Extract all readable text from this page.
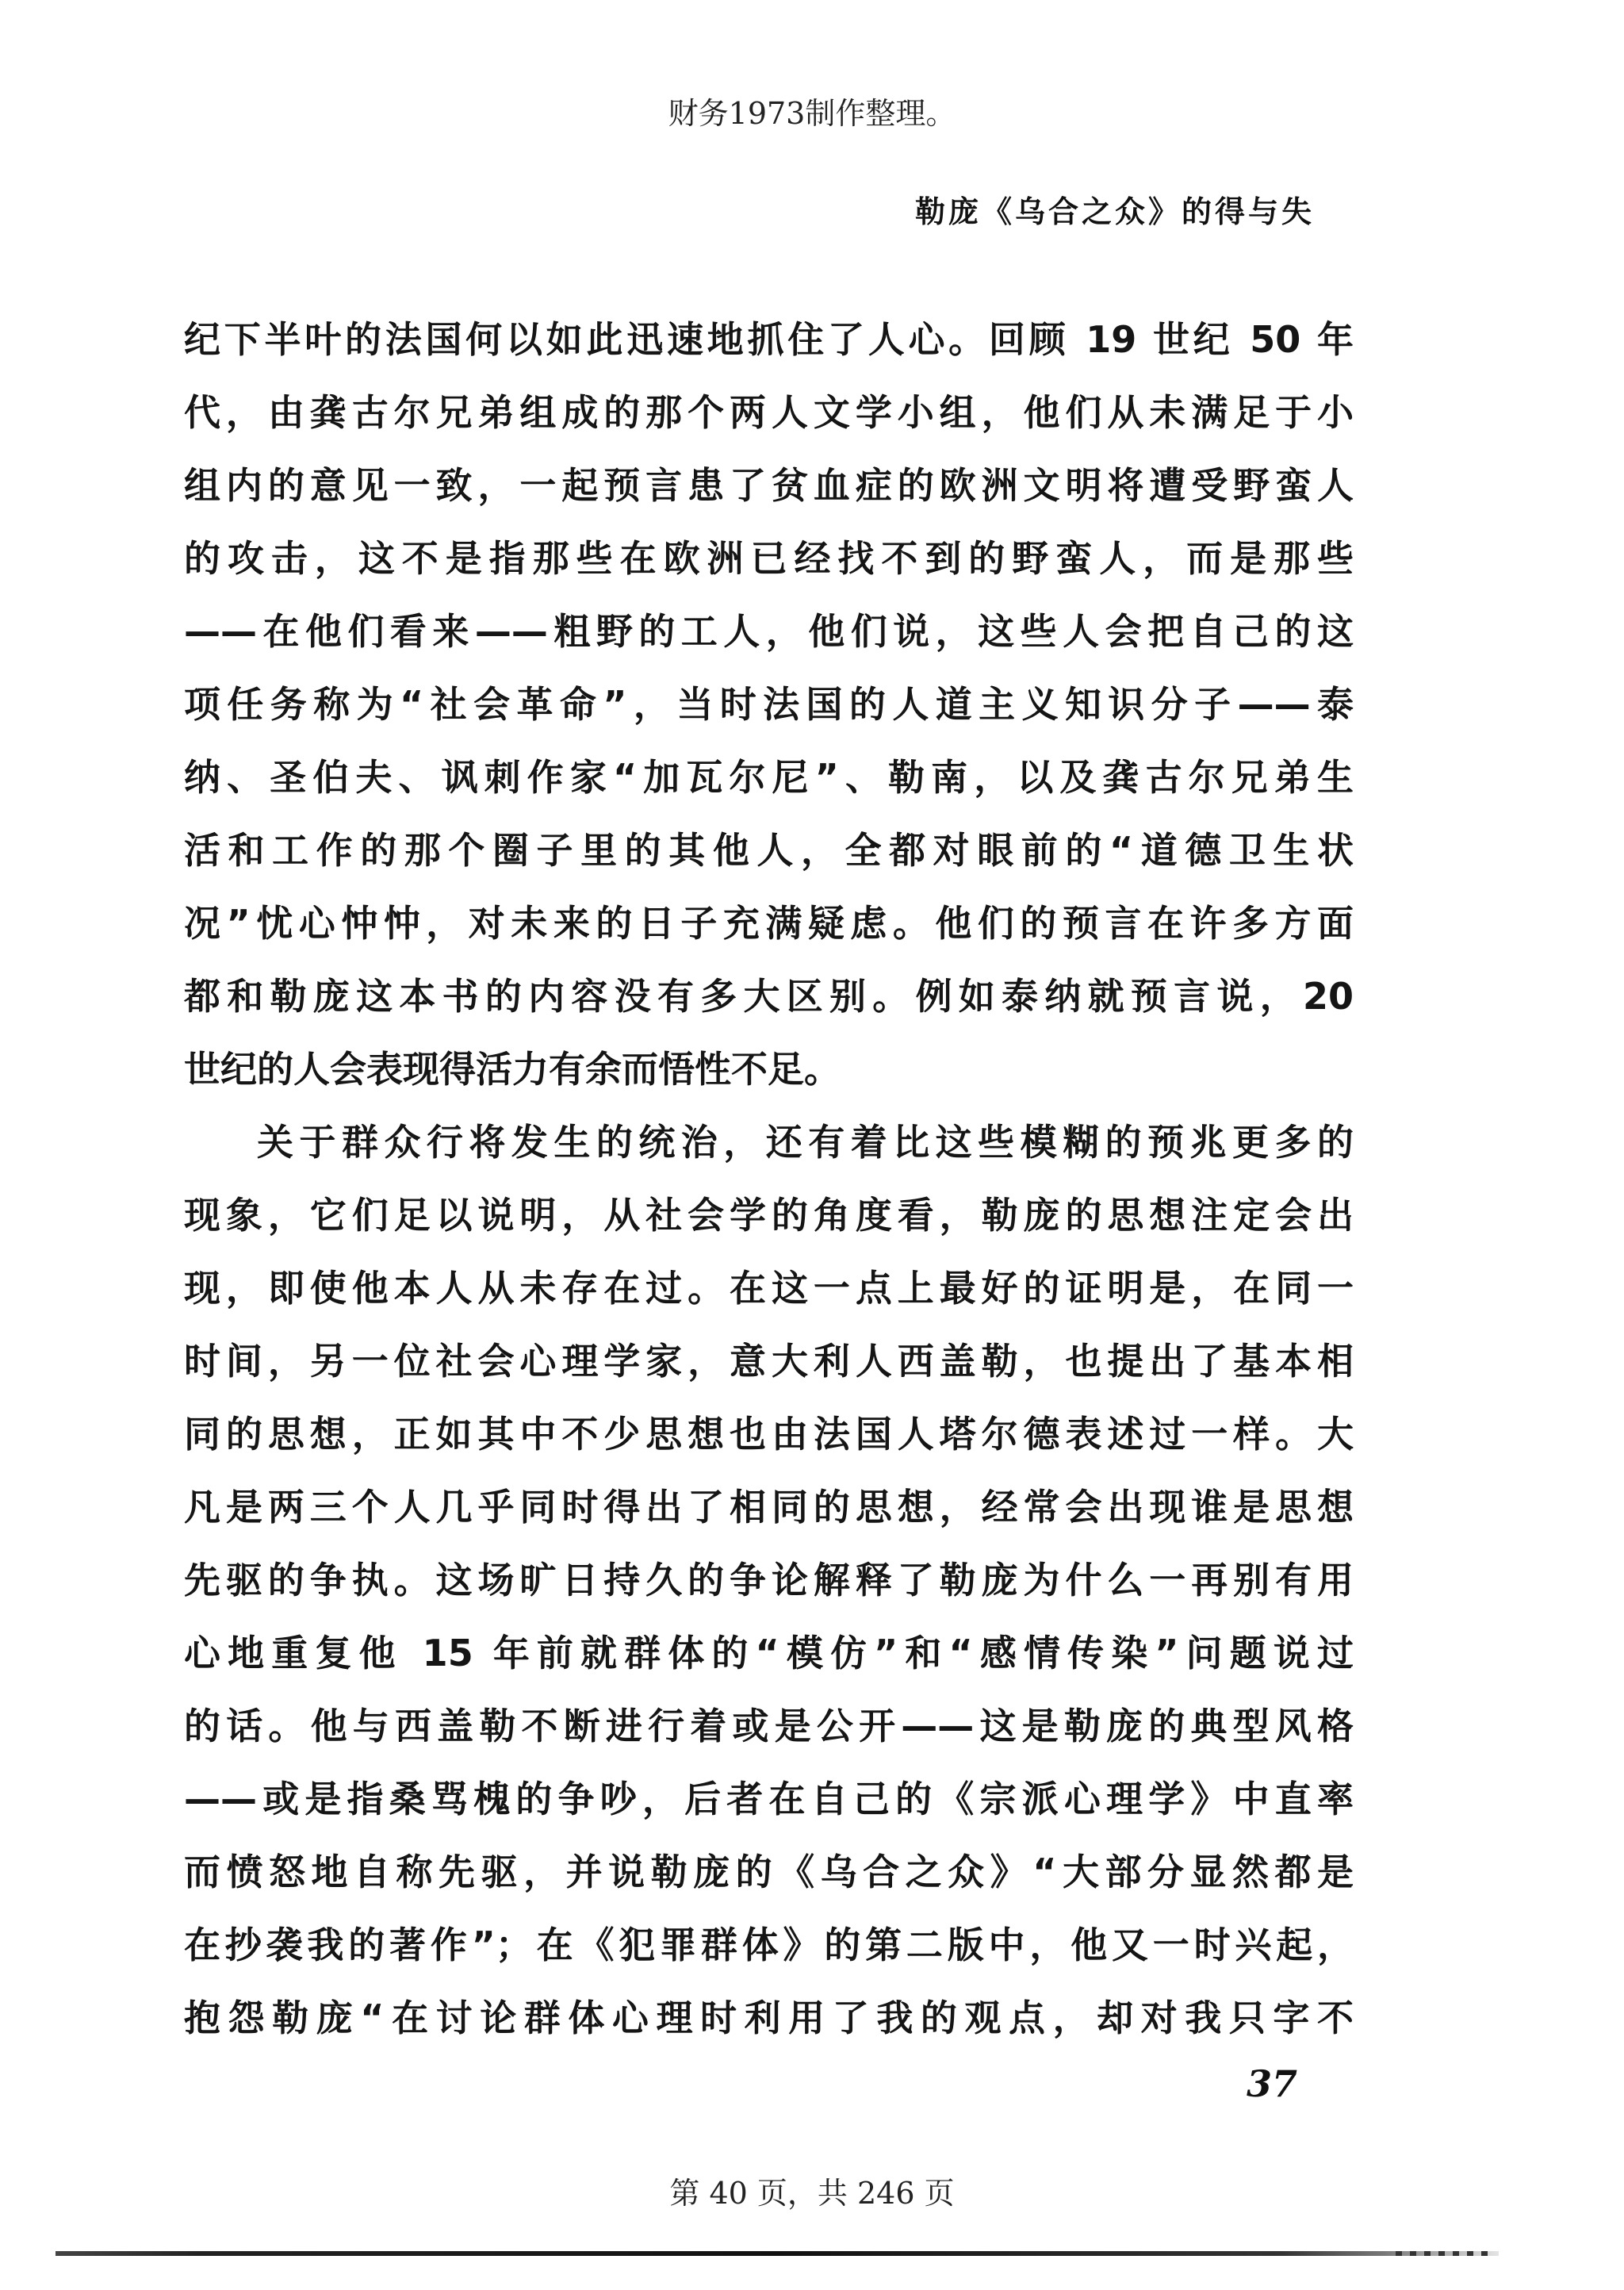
财务1973制作整理。
勒庞《乌合之众》的得与失
纪下半叶的法国何以如此迅速地抓住了人心。回顾 19 世纪 50 年
代，由龚古尔兄弟组成的那个两人文学小组，他们从未满足于小
组内的意见一致，一起预言患了贫血症的欧洲文明将遭受野蛮人
的攻击，这不是指那些在欧洲已经找不到的野蛮人，而是那些
——在他们看来——粗野的工人，他们说，这些人会把自己的这
项任务称为“社会革命”，当时法国的人道主义知识分子——泰
纳、圣伯夫、讽刺作家“加瓦尔尼”、勒南，以及龚古尔兄弟生
活和工作的那个圈子里的其他人，全都对眼前的“道德卫生状
况”忧心忡忡，对未来的日子充满疑虑。他们的预言在许多方面
都和勒庞这本书的内容没有多大区别。例如泰纳就预言说，20
世纪的人会表现得活力有余而悟性不足。
关于群众行将发生的统治，还有着比这些模糊的预兆更多的
现象，它们足以说明，从社会学的角度看，勒庞的思想注定会出
现，即使他本人从未存在过。在这一点上最好的证明是，在同一
时间，另一位社会心理学家，意大利人西盖勒，也提出了基本相
同的思想，正如其中不少思想也由法国人塔尔德表述过一样。大
凡是两三个人几乎同时得出了相同的思想，经常会出现谁是思想
先驱的争执。这场旷日持久的争论解释了勒庞为什么一再别有用
心地重复他 15 年前就群体的“模仿”和“感情传染”问题说过
的话。他与西盖勒不断进行着或是公开——这是勒庞的典型风格
——或是指桑骂槐的争吵，后者在自己的《宗派心理学》中直率
而愤怒地自称先驱，并说勒庞的《乌合之众》“大部分显然都是
在抄袭我的著作”；在《犯罪群体》的第二版中，他又一时兴起，
抱怨勒庞“在讨论群体心理时利用了我的观点，却对我只字不
37
第 40 页，共 246 页
